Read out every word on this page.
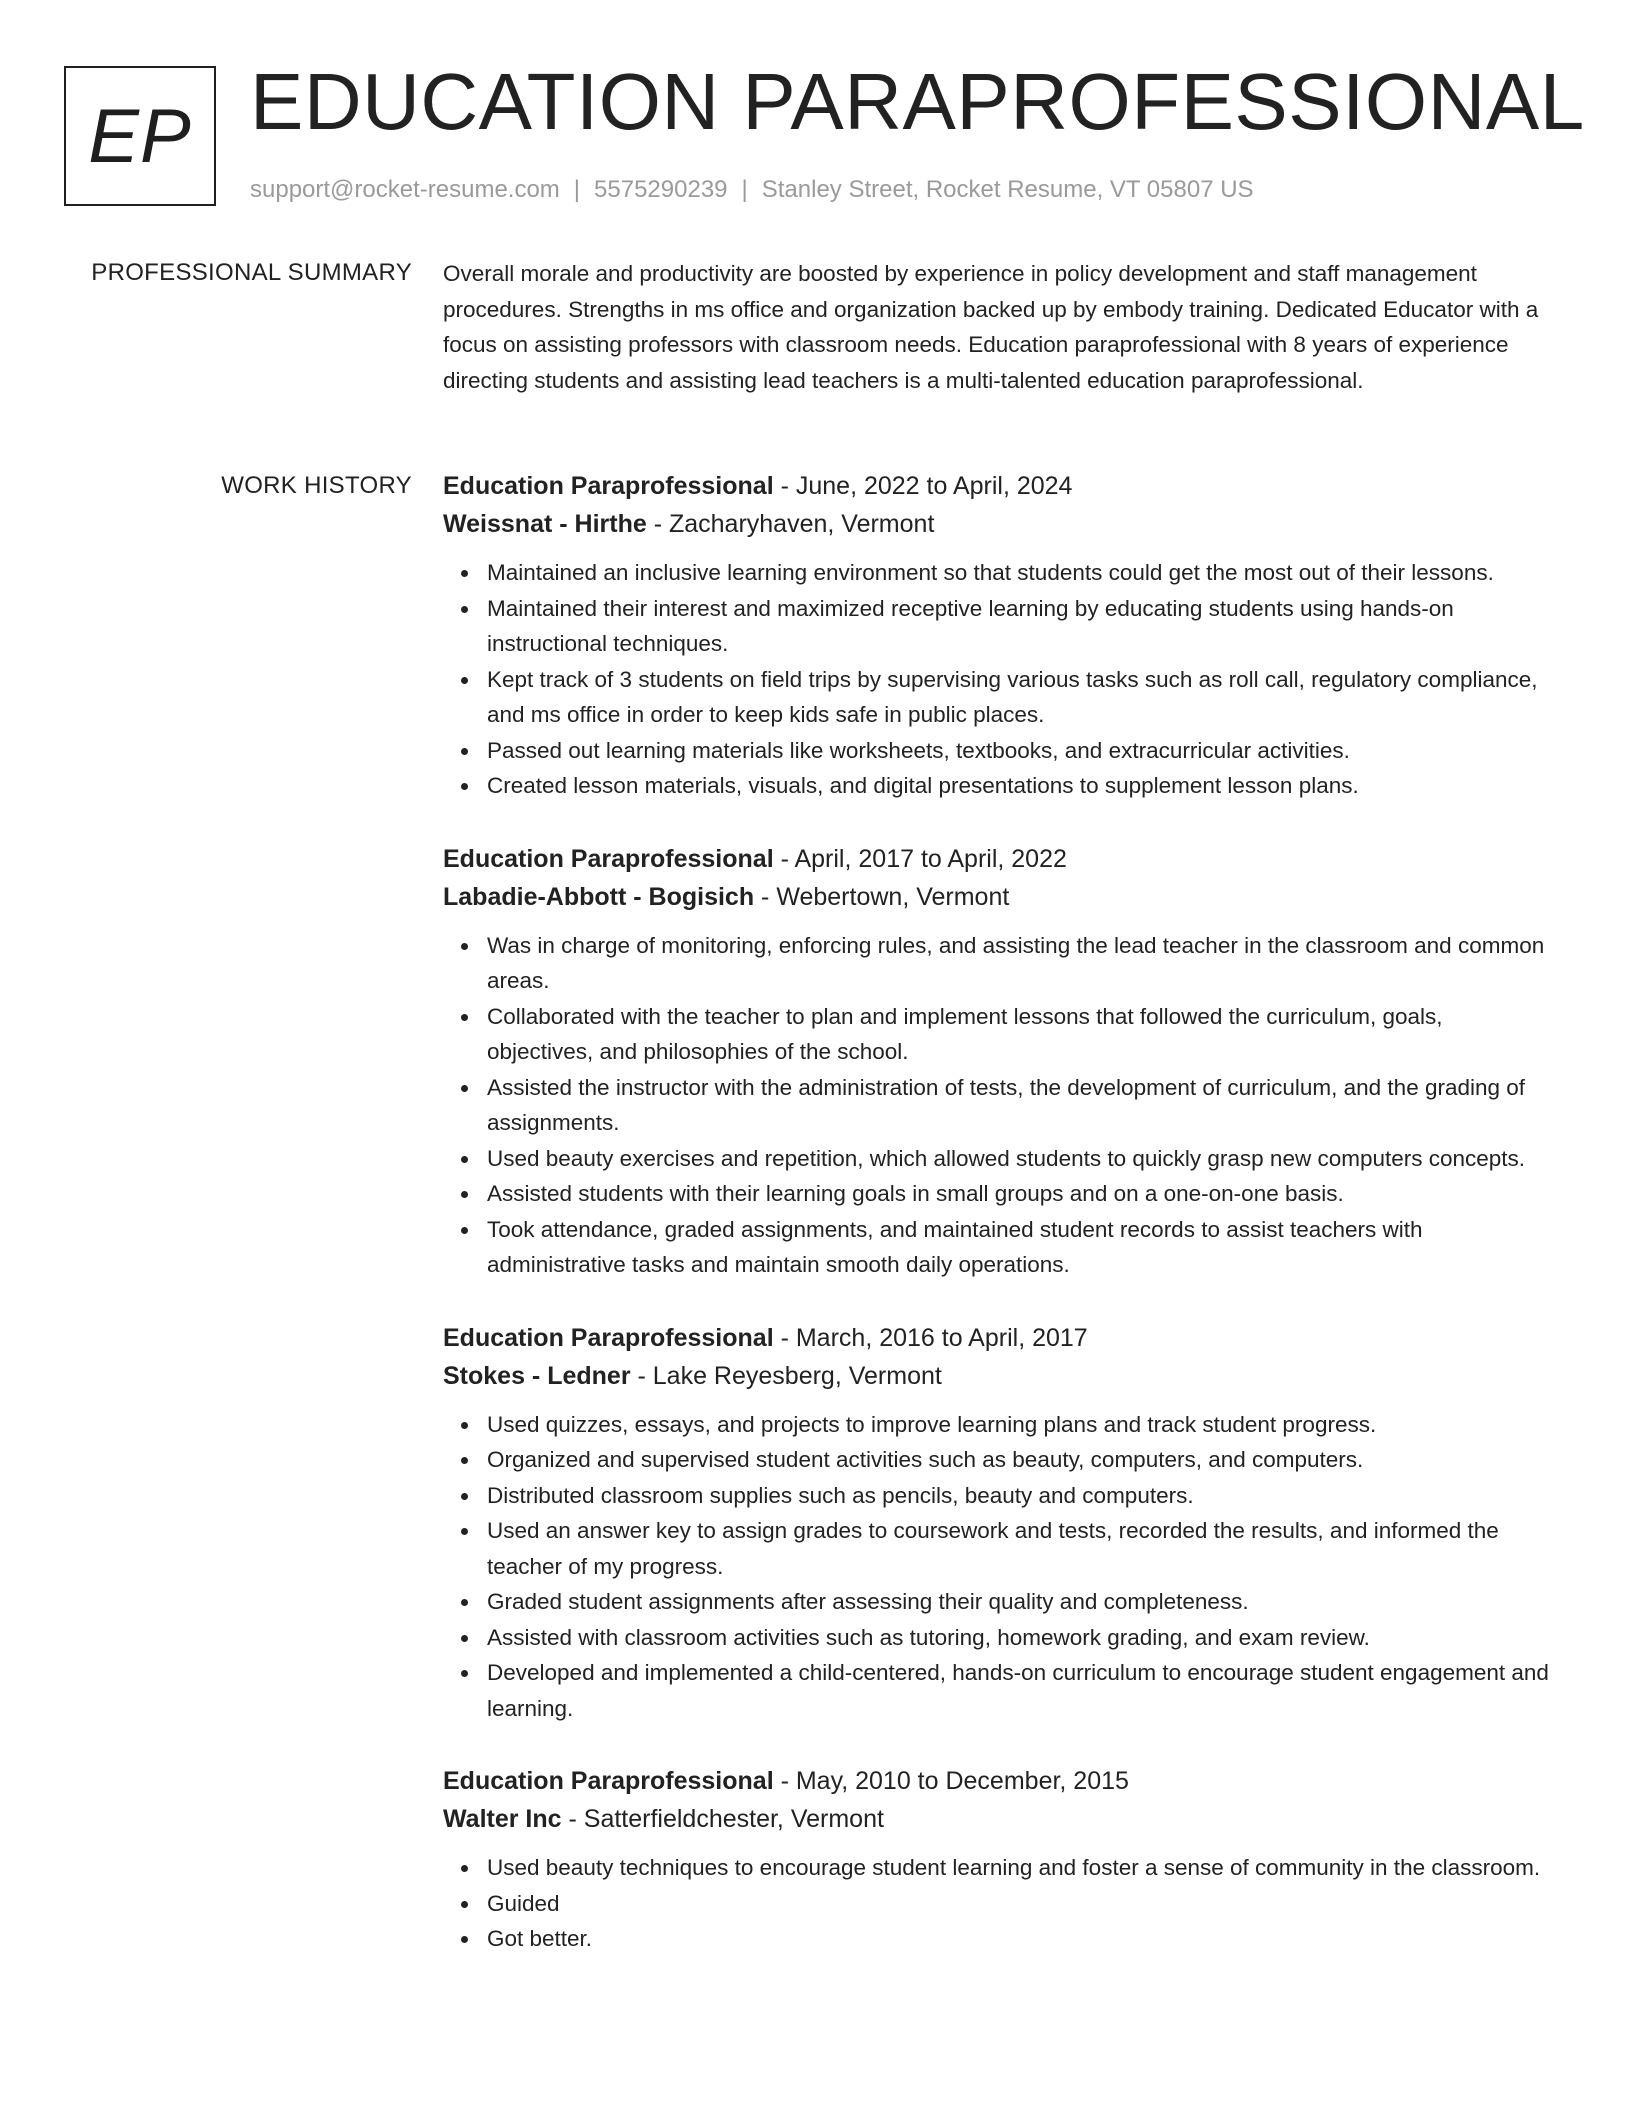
EP EDUCATION PARAPROFESSIONAL
support@rocket-resume.com | 5575290239 | Stanley Street, Rocket Resume, VT 05807 US
PROFESSIONAL SUMMARY Overall morale and productivity are boosted by experience in policy development and staff management procedures. Strengths in ms office and organization backed up by embody training. Dedicated Educator with a focus on assisting professors with classroom needs. Education paraprofessional with 8 years of experience directing students and assisting lead teachers is a multi-talented education paraprofessional.

WORK HISTORY Education Paraprofessional - June, 2022 to April, 2024
Weissnat - Hirthe - Zacharyhaven, Vermont
Maintained an inclusive learning environment so that students could get the most out of their lessons.
Maintained their interest and maximized receptive learning by educating students using hands-on instructional techniques.
Kept track of 3 students on field trips by supervising various tasks such as roll call, regulatory compliance, and ms office in order to keep kids safe in public places.
Passed out learning materials like worksheets, textbooks, and extracurricular activities.
Created lesson materials, visuals, and digital presentations to supplement lesson plans.
Education Paraprofessional - April, 2017 to April, 2022
Labadie-Abbott - Bogisich - Webertown, Vermont
Was in charge of monitoring, enforcing rules, and assisting the lead teacher in the classroom and common areas.
Collaborated with the teacher to plan and implement lessons that followed the curriculum, goals, objectives, and philosophies of the school.
Assisted the instructor with the administration of tests, the development of curriculum, and the grading of assignments.
Used beauty exercises and repetition, which allowed students to quickly grasp new computers concepts.
Assisted students with their learning goals in small groups and on a one-on-one basis.
Took attendance, graded assignments, and maintained student records to assist teachers with administrative tasks and maintain smooth daily operations.
Education Paraprofessional - March, 2016 to April, 2017
Stokes - Ledner - Lake Reyesberg, Vermont
Used quizzes, essays, and projects to improve learning plans and track student progress.
Organized and supervised student activities such as beauty, computers, and computers.
Distributed classroom supplies such as pencils, beauty and computers.
Used an answer key to assign grades to coursework and tests, recorded the results, and informed the teacher of my progress.
Graded student assignments after assessing their quality and completeness.
Assisted with classroom activities such as tutoring, homework grading, and exam review.
Developed and implemented a child-centered, hands-on curriculum to encourage student engagement and learning.
Education Paraprofessional - May, 2010 to December, 2015
Walter Inc - Satterfieldchester, Vermont
Used beauty techniques to encourage student learning and foster a sense of community in the classroom.
Guided
Got better.
